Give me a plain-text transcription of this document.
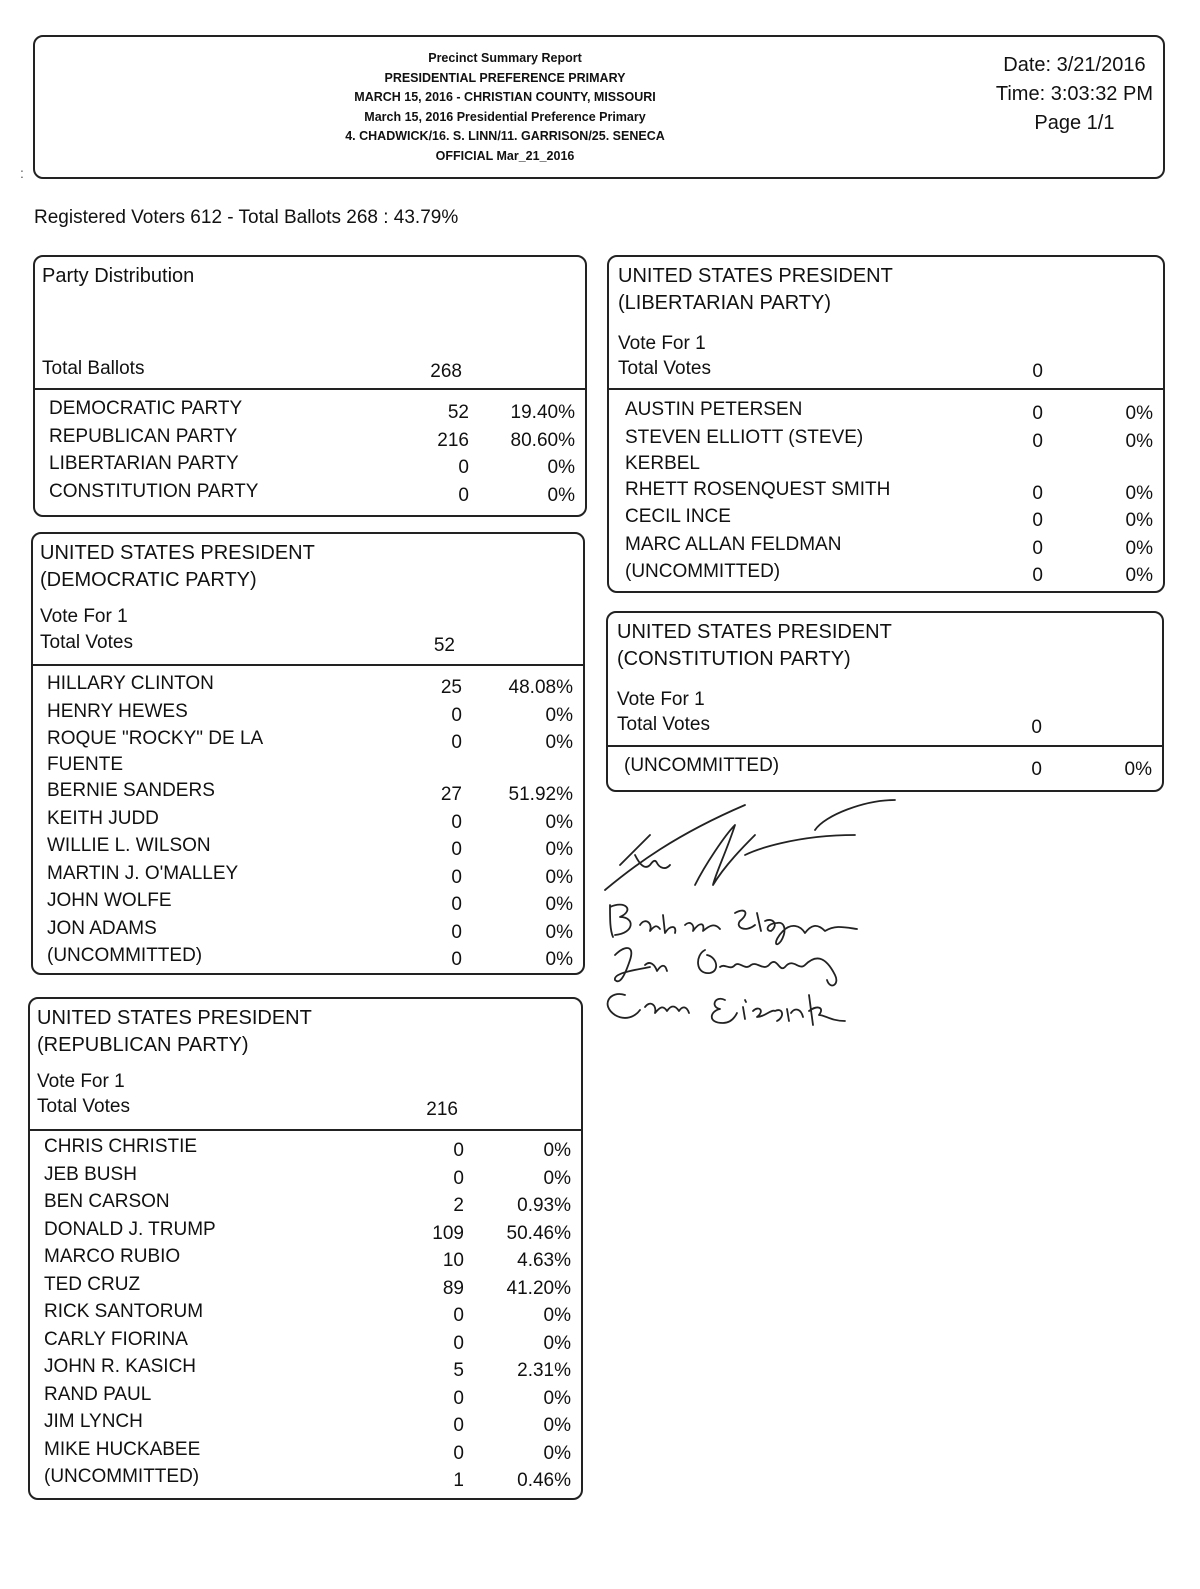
Precinct Summary Report
PRESIDENTIAL PREFERENCE PRIMARY
MARCH 15, 2016 - CHRISTIAN COUNTY, MISSOURI
March 15, 2016 Presidential Preference Primary
4. CHADWICK/16. S. LINN/11. GARRISON/25. SENECA
OFFICIAL Mar_21_2016
Date: 3/21/2016
Time: 3:03:32 PM
Page 1/1
Registered Voters 612 - Total Ballots 268 : 43.79%
Party Distribution
Total Ballots	268
DEMOCRATIC PARTY	52	19.40%
REPUBLICAN PARTY	216	80.60%
LIBERTARIAN PARTY	0	0%
CONSTITUTION PARTY	0	0%
UNITED STATES PRESIDENT
(DEMOCRATIC PARTY)
Vote For 1
Total Votes	52
HILLARY CLINTON	25	48.08%
HENRY HEWES	0	0%
ROQUE "ROCKY" DE LA
FUENTE
0	0%
BERNIE SANDERS	27	51.92%
KEITH JUDD	0	0%
WILLIE L. WILSON	0	0%
MARTIN J. O'MALLEY	0	0%
JOHN WOLFE	0	0%
JON ADAMS	0	0%
(UNCOMMITTED)	0	0%
UNITED STATES PRESIDENT
(REPUBLICAN PARTY)
Vote For 1
Total Votes	216
CHRIS CHRISTIE	0	0%
JEB BUSH	0	0%
BEN CARSON	2	0.93%
DONALD J. TRUMP	109	50.46%
MARCO RUBIO	10	4.63%
TED CRUZ	89	41.20%
RICK SANTORUM	0	0%
CARLY FIORINA	0	0%
JOHN R. KASICH	5	2.31%
RAND PAUL	0	0%
JIM LYNCH	0	0%
MIKE HUCKABEE	0	0%
(UNCOMMITTED)	1	0.46%
UNITED STATES PRESIDENT
(LIBERTARIAN PARTY)
Vote For 1
Total Votes	0
AUSTIN PETERSEN	0	0%
STEVEN ELLIOTT (STEVE)
KERBEL
0	0%
RHETT ROSENQUEST SMITH	0	0%
CECIL INCE	0	0%
MARC ALLAN FELDMAN	0	0%
(UNCOMMITTED)	0	0%
UNITED STATES PRESIDENT
(CONSTITUTION PARTY)
Vote For 1
Total Votes	0
(UNCOMMITTED)	0	0%
:
